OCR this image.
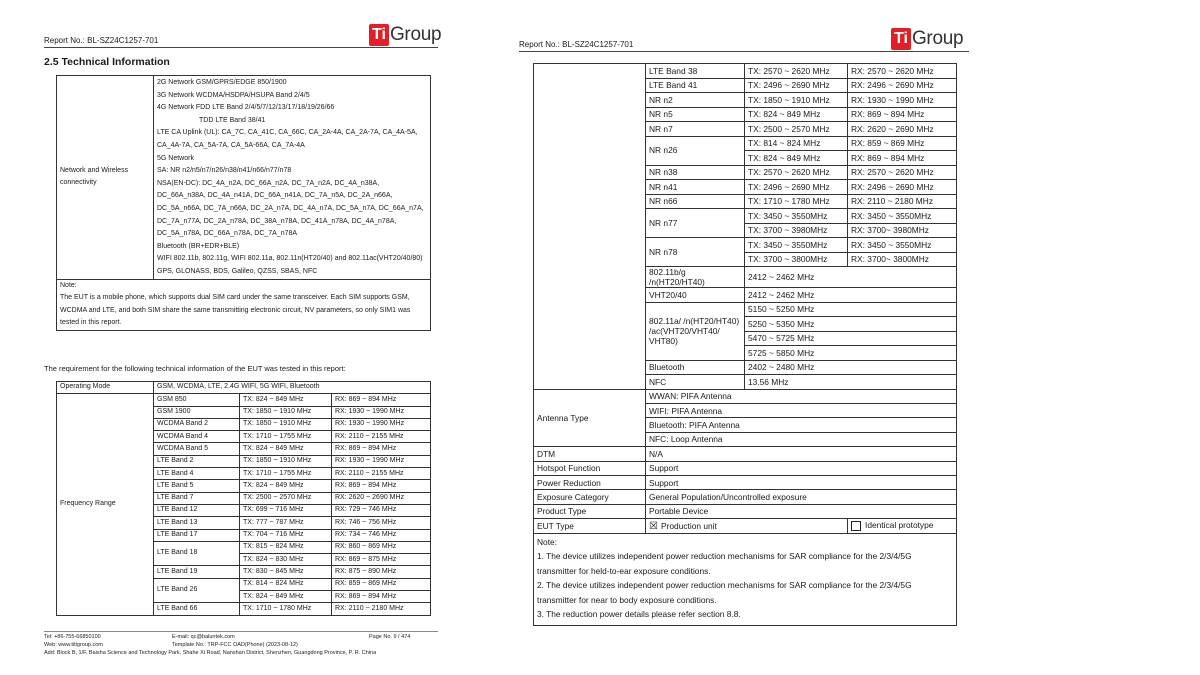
Report No.: BL-SZ24C1257-701	Ti Group
2.5 Technical Information
Network and Wireless connectivity	
2G Network GSM/GPRS/EDGE 850/1900
3G Network WCDMA/HSDPA/HSUPA Band 2/4/5
4G Network FDD LTE Band 2/4/5/7/12/13/17/18/19/26/66
TDD LTE Band 38/41
LTE CA Uplink (UL): CA_7C, CA_41C, CA_66C, CA_2A-4A, CA_2A-7A, CA_4A-5A, CA_4A-7A, CA_5A-7A, CA_5A-66A, CA_7A-4A
5G Network
SA: NR n2/n5/n7/n26/n38/n41/n66/n77/n78
NSA(EN-DC): DC_4A_n2A, DC_66A_n2A, DC_7A_n2A, DC_4A_n38A, DC_66A_n38A, DC_4A_n41A, DC_66A_n41A, DC_7A_n5A, DC_2A_n66A, DC_5A_n66A, DC_7A_n66A, DC_2A_n7A, DC_4A_n7A, DC_5A_n7A, DC_66A_n7A, DC_7A_n77A, DC_2A_n78A, DC_38A_n78A, DC_41A_n78A, DC_4A_n78A, DC_5A_n78A, DC_66A_n78A, DC_7A_n78A
Bluetooth (BR+EDR+BLE)
WIFI 802.11b, 802.11g, WIFI 802.11a, 802.11n(HT20/40) and 802.11ac(VHT20/40/80)
GPS, GLONASS, BDS, Galileo, QZSS, SBAS, NFC

Note:
The EUT is a mobile phone, which supports dual SIM card under the same transceiver. Each SIM supports GSM, WCDMA and LTE, and both SIM share the same transmitting electronic circuit, NV parameters, so only SIM1 was tested in this report.
The requirement for the following technical information of the EUT was tested in this report:
Operating Mode	GSM, WCDMA, LTE, 2.4G WIFI, 5G WIFI, Bluetooth		
Frequency Range	GSM 850	TX: 824 ~ 849 MHz	RX: 869 ~ 894 MHz
	GSM 1900	TX: 1850 ~ 1910 MHz	RX: 1930 ~ 1990 MHz
	WCDMA Band 2	TX: 1850 ~ 1910 MHz	RX: 1930 ~ 1990 MHz
	WCDMA Band 4	TX: 1710 ~ 1755 MHz	RX: 2110 ~ 2155 MHz
	WCDMA Band 5	TX: 824 ~ 849 MHz	RX: 869 ~ 894 MHz
	LTE Band 2	TX: 1850 ~ 1910 MHz	RX: 1930 ~ 1990 MHz
	LTE Band 4	TX: 1710 ~ 1755 MHz	RX: 2110 ~ 2155 MHz
	LTE Band 5	TX: 824 ~ 849 MHz	RX: 869 ~ 894 MHz
	LTE Band 7	TX: 2500 ~ 2570 MHz	RX: 2620 ~ 2690 MHz
	LTE Band 12	TX: 699 ~ 716 MHz	RX: 729 ~ 746 MHz
	LTE Band 13	TX: 777 ~ 787 MHz	RX: 746 ~ 756 MHz
	LTE Band 17	TX: 704 ~ 716 MHz	RX: 734 ~ 746 MHz
	LTE Band 18	TX: 815 ~ 824 MHz	RX: 860 ~ 869 MHz
		TX: 824 ~ 830 MHz	RX: 869 ~ 875 MHz
	LTE Band 19	TX: 830 ~ 845 MHz	RX: 875 ~ 890 MHz
	LTE Band 26	TX: 814 ~ 824 MHz	RX: 859 ~ 869 MHz
		TX: 824 ~ 849 MHz	RX: 869 ~ 894 MHz
	LTE Band 66	TX: 1710 ~ 1780 MHz	RX: 2110 ~ 2180 MHz
Tel: +86-755-66850100	E-mail: qc@baluntek.com	Page No. 9 / 474
Web: www.titigroup.com	Template No.: TRP-FCC OAD(Phone) (2023-08-12)
Add: Block B, 1/F, Baisha Science and Technology Park, Shahe Xi Road, Nanshan District, Shenzhen, Guangdong Province, P. R. China
Report No.: BL-SZ24C1257-701	Ti Group
	LTE Band 38	TX: 2570 ~ 2620 MHz	RX: 2570 ~ 2620 MHz
	LTE Band 41	TX: 2496 ~ 2690 MHz	RX: 2496 ~ 2690 MHz
	NR n2	TX: 1850 ~ 1910 MHz	RX: 1930 ~ 1990 MHz
	NR n5	TX: 824 ~ 849 MHz	RX: 869 ~ 894 MHz
	NR n7	TX: 2500 ~ 2570 MHz	RX: 2620 ~ 2690 MHz
	NR n26	TX: 814 ~ 824 MHz	RX: 859 ~ 869 MHz
		TX: 824 ~ 849 MHz	RX: 869 ~ 894 MHz
	NR n38	TX: 2570 ~ 2620 MHz	RX: 2570 ~ 2620 MHz
	NR n41	TX: 2496 ~ 2690 MHz	RX: 2496 ~ 2690 MHz
	NR n66	TX: 1710 ~ 1780 MHz	RX: 2110 ~ 2180 MHz
	NR n77	TX: 3450 ~ 3550MHz	RX: 3450 ~ 3550MHz
		TX: 3700 ~ 3980MHz	RX: 3700~ 3980MHz
	NR n78	TX: 3450 ~ 3550MHz	RX: 3450 ~ 3550MHz
		TX: 3700 ~ 3800MHz	RX: 3700~ 3800MHz
	802.11b/g /n(HT20/HT40)	2412 ~ 2462 MHz	
	VHT20/40	2412 ~ 2462 MHz	
	802.11a/ /n(HT20/HT40) /ac(VHT20/VHT40/ VHT80)	5150 ~ 5250 MHz	
		5250 ~ 5350 MHz	
		5470 ~ 5725 MHz	
		5725 ~ 5850 MHz	
	Bluetooth	2402 ~ 2480 MHz	
	NFC	13.56 MHz	
Antenna Type	WWAN: PIFA Antenna		
	WIFI: PIFA Antenna		
	Bluetooth: PIFA Antenna		
	NFC: Loop Antenna		
DTM	N/A		
Hotspot Function	Support		
Power Reduction	Support		
Exposure Category	General Population/Uncontrolled exposure		
Product Type	Portable Device		
EUT Type	☒ Production unit		Identical prototype

Note:
1. The device utilizes independent power reduction mechanisms for SAR compliance for the 2/3/4/5G transmitter for held-to-ear exposure conditions.
2. The device utilizes independent power reduction mechanisms for SAR compliance for the 2/3/4/5G transmitter for near to body exposure conditions.
3. The reduction power details please refer section 8.8.			
